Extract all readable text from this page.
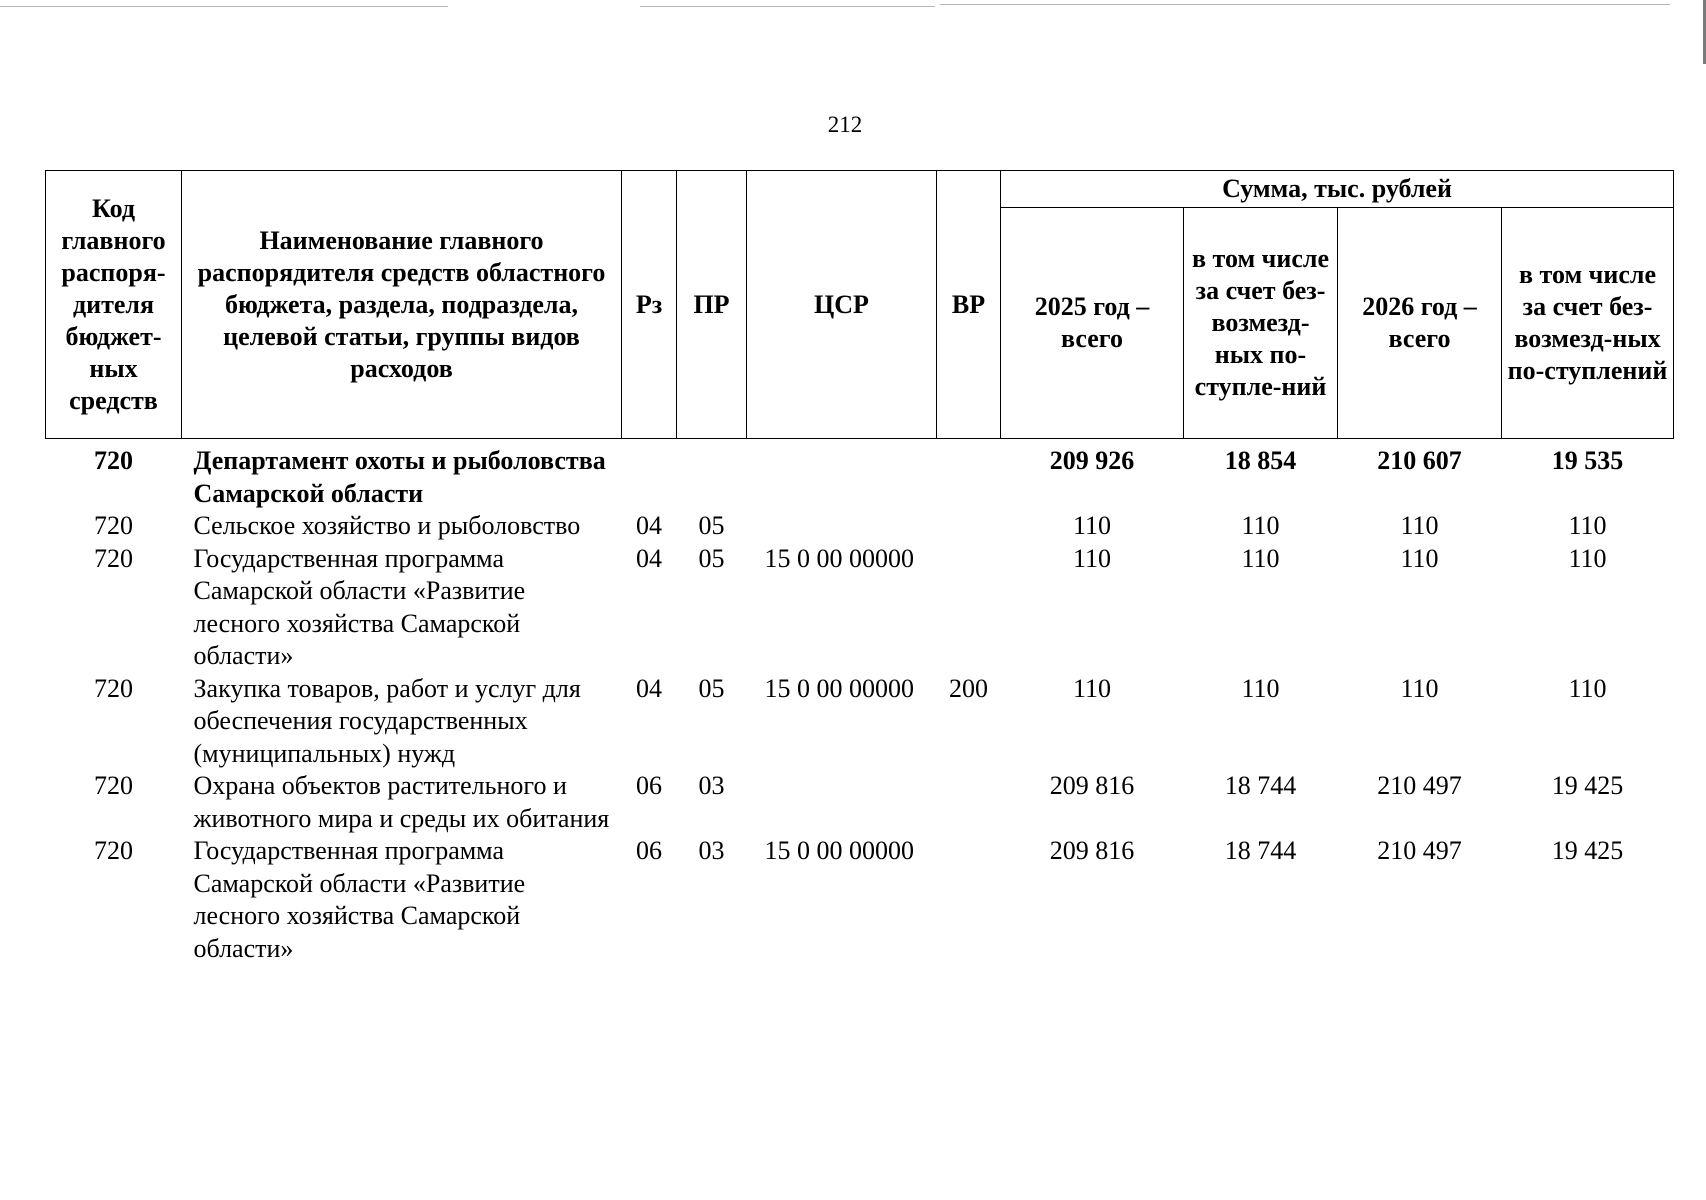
212
Код главного распоря-дителя бюджет-ных средств	Наименование главного распорядителя средств областного бюджета, раздела, подраздела, целевой статьи, группы видов расходов	Рз	ПР	ЦСР	ВР	Сумма, тыс. рублей			
						2025 год – всего	в том числе за счет без-возмезд-ных по-ступле-ний	2026 год – всего	в том числе за счет без-возмезд-ных по-ступлений
720	Департамент охоты и рыболовства Самарской области					209 926	18 854	210 607	19 535
720	Сельское хозяйство и рыболовство	04	05			110	110	110	110
720	Государственная программа Самарской области «Развитие лесного хозяйства Самарской области»	04	05	15 0 00 00000		110	110	110	110
720	Закупка товаров, работ и услуг для обеспечения государственных (муниципальных) нужд	04	05	15 0 00 00000	200	110	110	110	110
720	Охрана объектов растительного и животного мира и среды их обитания	06	03			209 816	18 744	210 497	19 425
720	Государственная программа Самарской области «Развитие лесного хозяйства Самарской области»	06	03	15 0 00 00000		209 816	18 744	210 497	19 425
